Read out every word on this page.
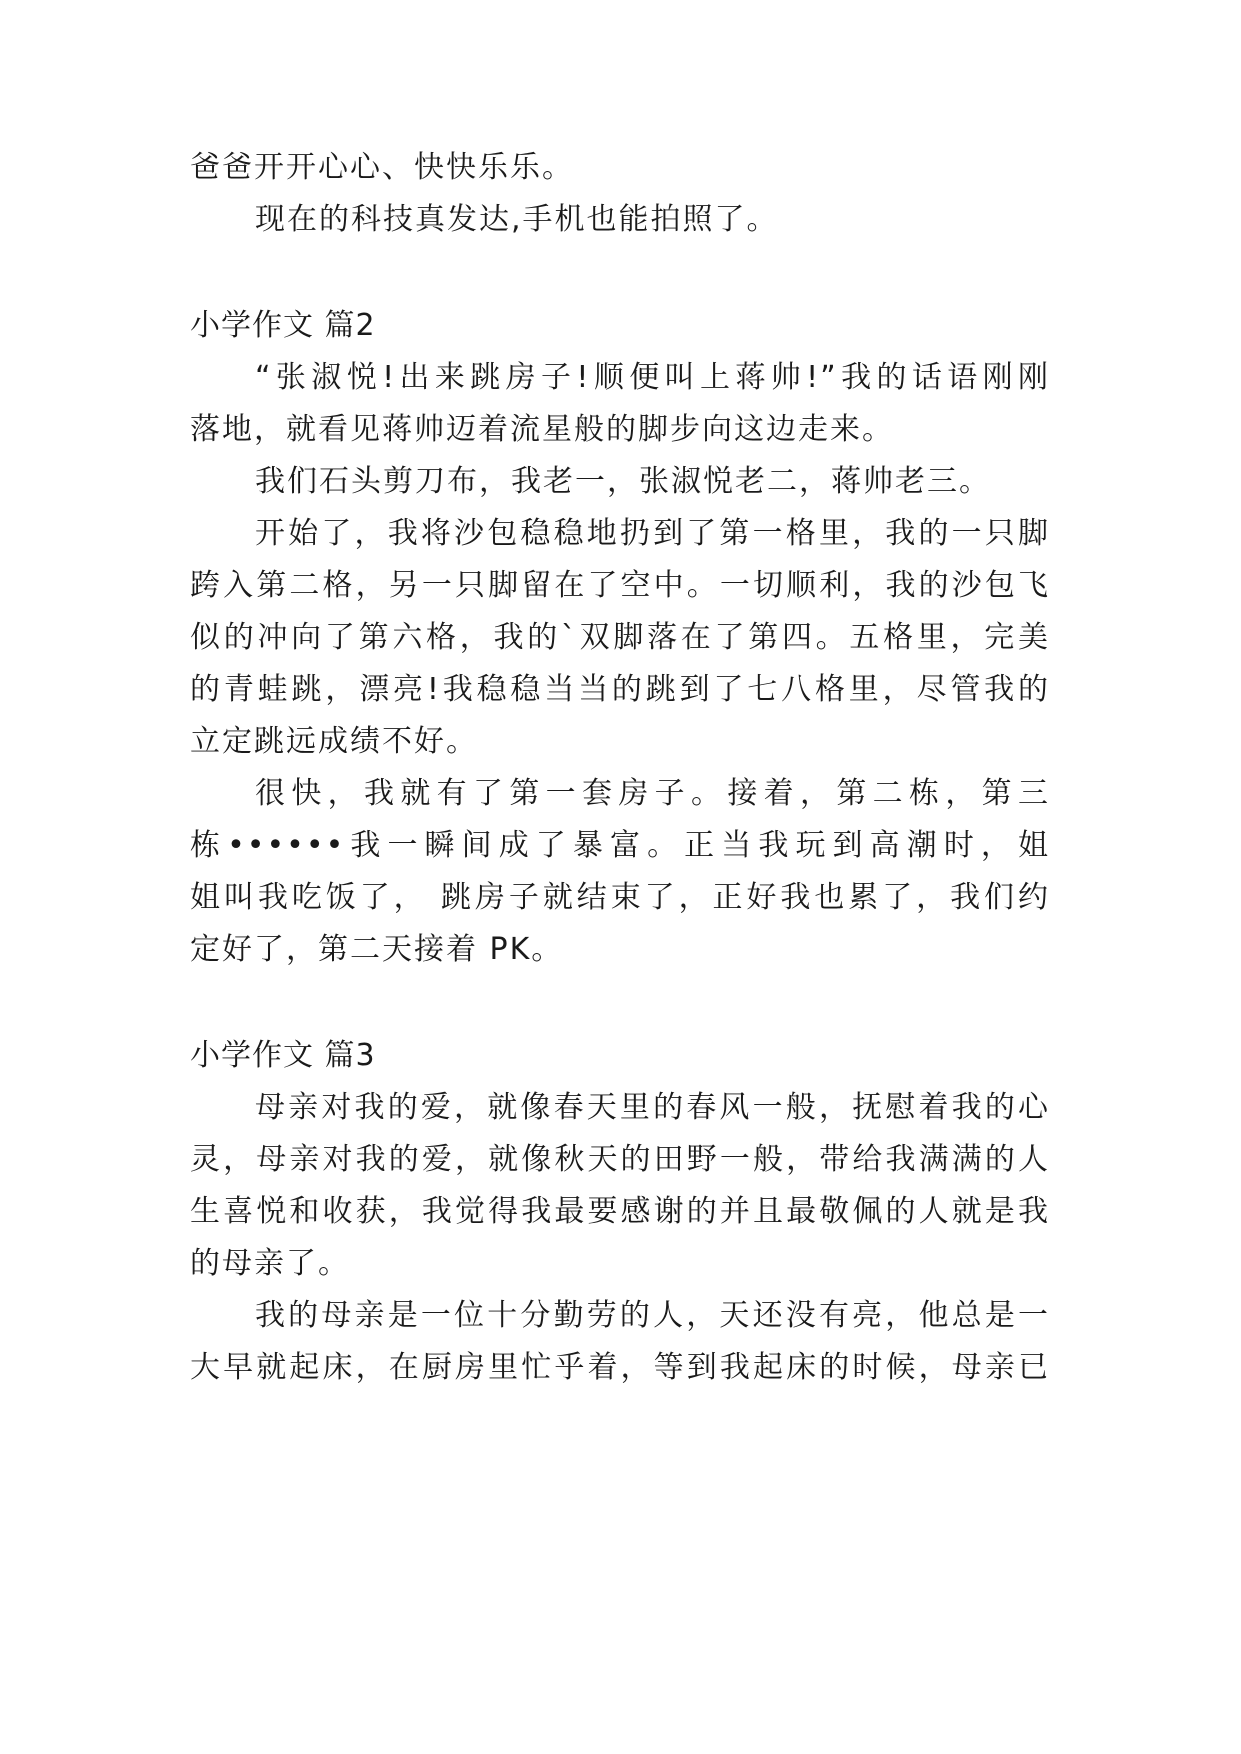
爸爸开开心心、快快乐乐。
现在的科技真发达,手机也能拍照了。
小学作文 篇2
“张淑悦!出来跳房子!顺便叫上蒋帅!”我的话语刚刚
落地，就看见蒋帅迈着流星般的脚步向这边走来。
我们石头剪刀布，我老一，张淑悦老二，蒋帅老三。
开始了，我将沙包稳稳地扔到了第一格里，我的一只脚
跨入第二格，另一只脚留在了空中。一切顺利，我的沙包飞
似的冲向了第六格，我的`双脚落在了第四。五格里，完美
的青蛙跳，漂亮!我稳稳当当的跳到了七八格里，尽管我的
立定跳远成绩不好。
很快，我就有了第一套房子。接着，第二栋，第三
栋••••••我一瞬间成了暴富。正当我玩到高潮时，姐
姐叫我吃饭了， 跳房子就结束了，正好我也累了，我们约
定好了，第二天接着 PK。
小学作文 篇3
母亲对我的爱，就像春天里的春风一般，抚慰着我的心
灵，母亲对我的爱，就像秋天的田野一般，带给我满满的人
生喜悦和收获，我觉得我最要感谢的并且最敬佩的人就是我
的母亲了。
我的母亲是一位十分勤劳的人，天还没有亮，他总是一
大早就起床，在厨房里忙乎着，等到我起床的时候，母亲已
